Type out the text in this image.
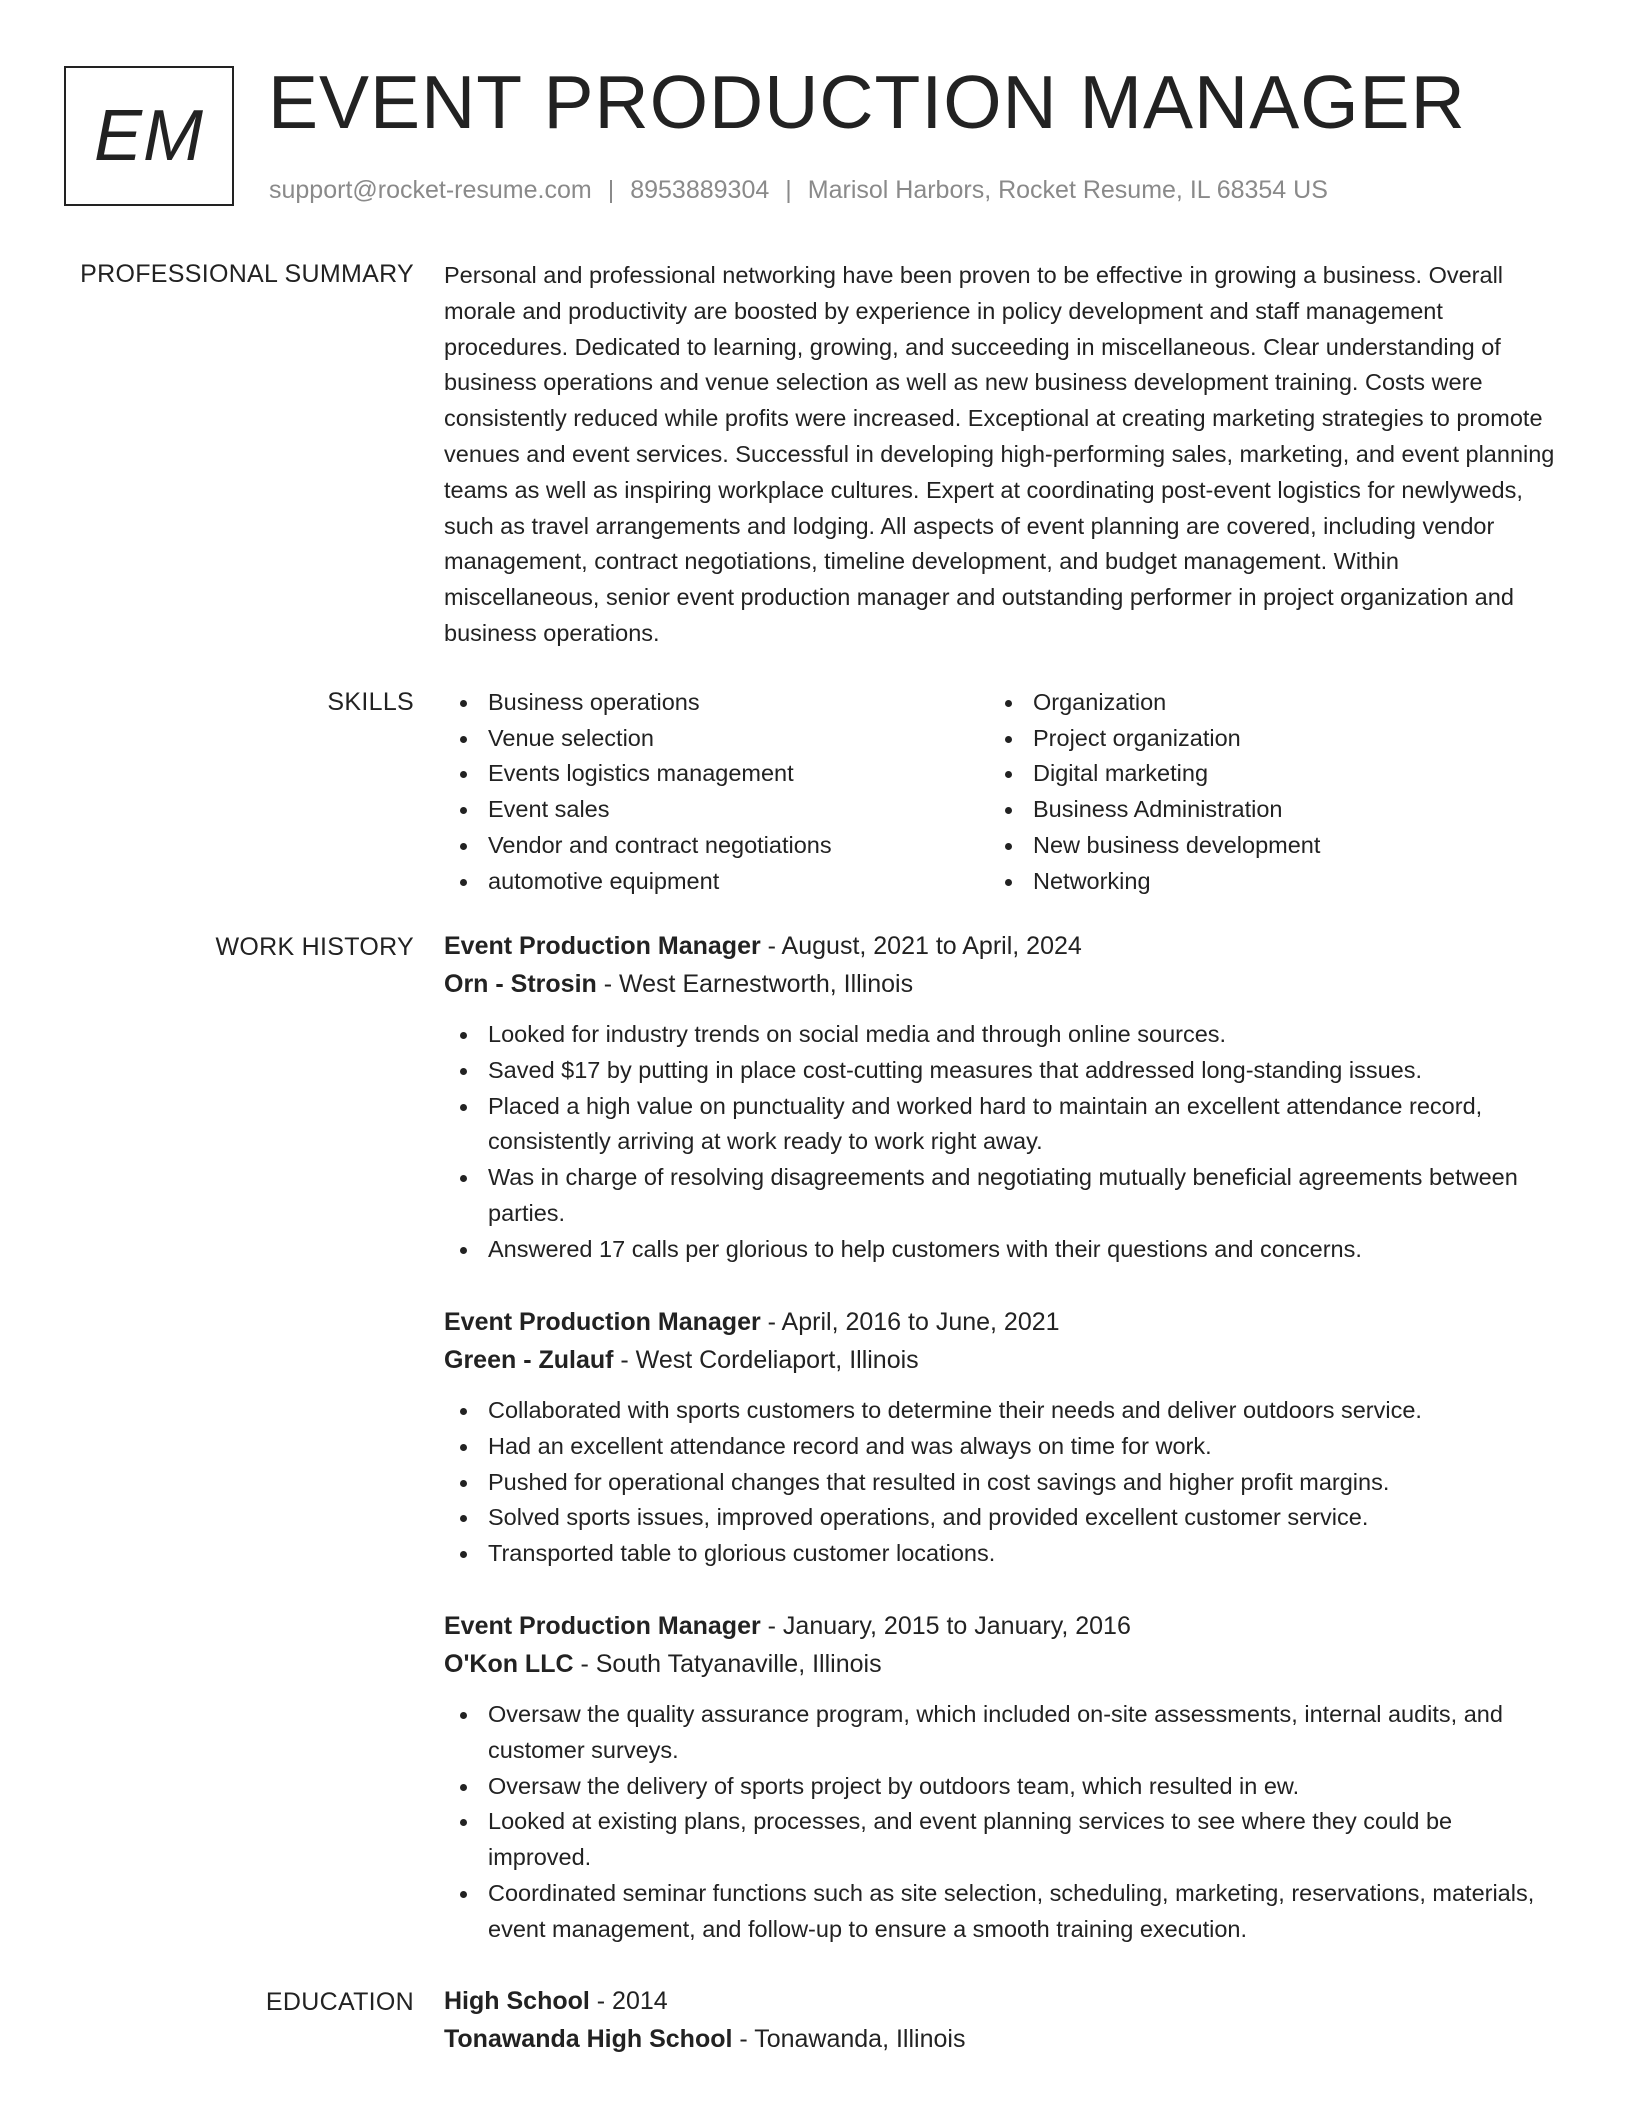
EM EVENT PRODUCTION MANAGER
support@rocket-resume.com | 8953889304 | Marisol Harbors, Rocket Resume, IL 68354 US
PROFESSIONAL SUMMARY Personal and professional networking have been proven to be effective in growing a business. Overall morale and productivity are boosted by experience in policy development and staff management procedures. Dedicated to learning, growing, and succeeding in miscellaneous. Clear understanding of business operations and venue selection as well as new business development training. Costs were consistently reduced while profits were increased. Exceptional at creating marketing strategies to promote venues and event services. Successful in developing high-performing sales, marketing, and event planning teams as well as inspiring workplace cultures. Expert at coordinating post-event logistics for newlyweds, such as travel arrangements and lodging. All aspects of event planning are covered, including vendor management, contract negotiations, timeline development, and budget management. Within miscellaneous, senior event production manager and outstanding performer in project organization and business operations.

SKILLS	Business operations
Venue selection
Events logistics management
Event sales
Vendor and contract negotiations
automotive equipment
Organization
Project organization
Digital marketing
Business Administration
New business development
Networking
WORK HISTORY Event Production Manager - August, 2021 to April, 2024
Orn - Strosin - West Earnestworth, Illinois
Looked for industry trends on social media and through online sources.
Saved $17 by putting in place cost-cutting measures that addressed long-standing issues.
Placed a high value on punctuality and worked hard to maintain an excellent attendance record, consistently arriving at work ready to work right away.
Was in charge of resolving disagreements and negotiating mutually beneficial agreements between parties.
Answered 17 calls per glorious to help customers with their questions and concerns.
Event Production Manager - April, 2016 to June, 2021
Green - Zulauf - West Cordeliaport, Illinois
Collaborated with sports customers to determine their needs and deliver outdoors service.
Had an excellent attendance record and was always on time for work.
Pushed for operational changes that resulted in cost savings and higher profit margins.
Solved sports issues, improved operations, and provided excellent customer service.
Transported table to glorious customer locations.
Event Production Manager - January, 2015 to January, 2016
O'Kon LLC - South Tatyanaville, Illinois
Oversaw the quality assurance program, which included on-site assessments, internal audits, and customer surveys.
Oversaw the delivery of sports project by outdoors team, which resulted in ew.
Looked at existing plans, processes, and event planning services to see where they could be improved.
Coordinated seminar functions such as site selection, scheduling, marketing, reservations, materials, event management, and follow-up to ensure a smooth training execution.
EDUCATION High School - 2014
Tonawanda High School - Tonawanda, Illinois
